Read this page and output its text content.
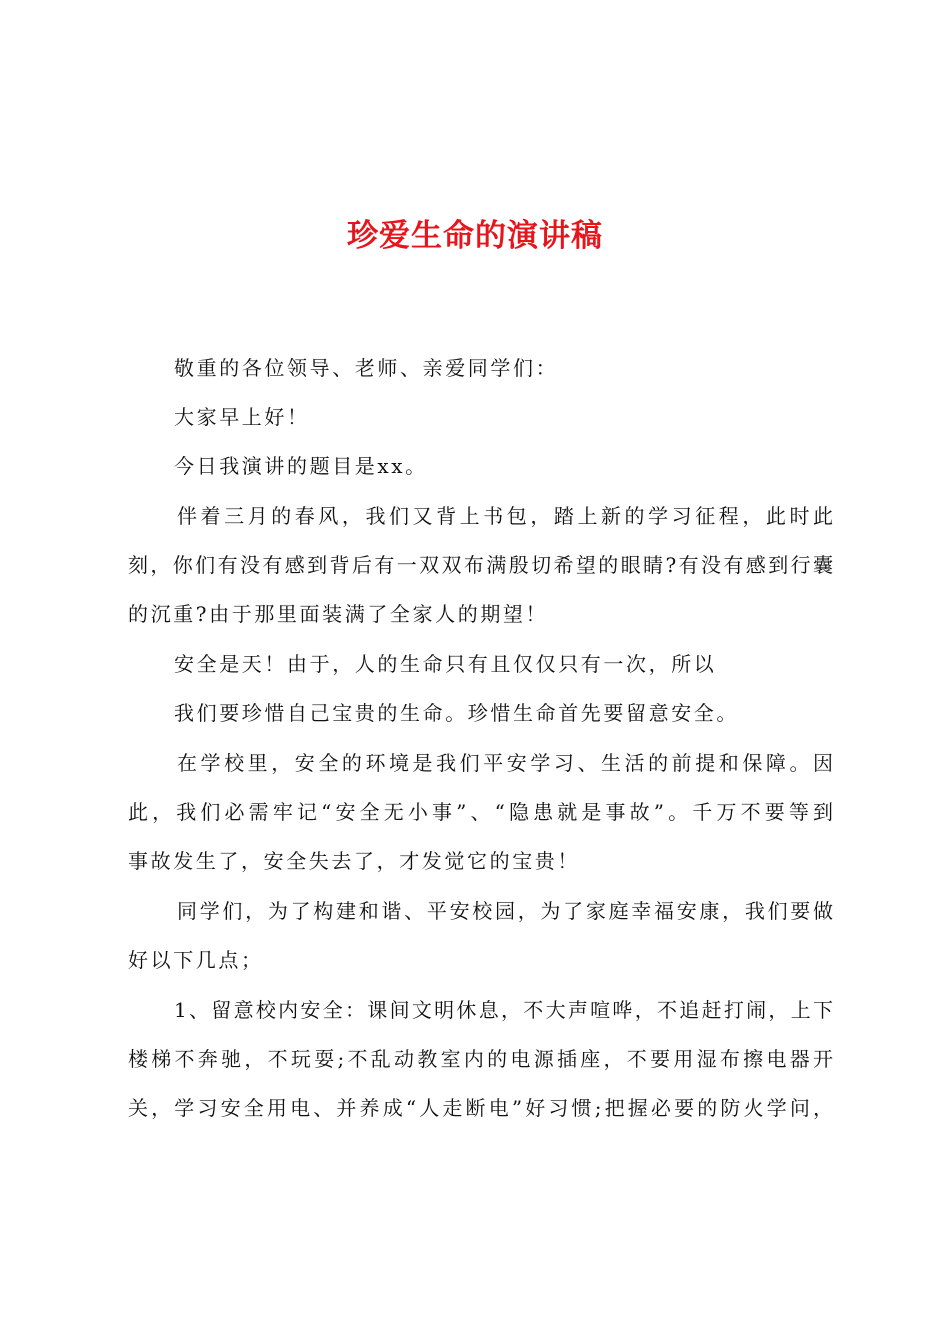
珍爱生命的演讲稿
敬重的各位领导、老师、亲爱同学们：
大家早上好！
今日我演讲的题目是xx。
伴着三月的春风，我们又背上书包，踏上新的学习征程，此时此
刻，你们有没有感到背后有一双双布满殷切希望的眼睛?有没有感到行囊
的沉重?由于那里面装满了全家人的期望！
安全是天！由于，人的生命只有且仅仅只有一次，所以
我们要珍惜自己宝贵的生命。珍惜生命首先要留意安全。
在学校里，安全的环境是我们平安学习、生活的前提和保障。因
此，我们必需牢记“安全无小事”、“隐患就是事故”。千万不要等到
事故发生了，安全失去了，才发觉它的宝贵！
同学们，为了构建和谐、平安校园，为了家庭幸福安康，我们要做
好以下几点；
1、留意校内安全：课间文明休息，不大声喧哗，不追赶打闹，上下
楼梯不奔驰，不玩耍;不乱动教室内的电源插座，不要用湿布擦电器开
关，学习安全用电、并养成“人走断电”好习惯;把握必要的防火学问，
